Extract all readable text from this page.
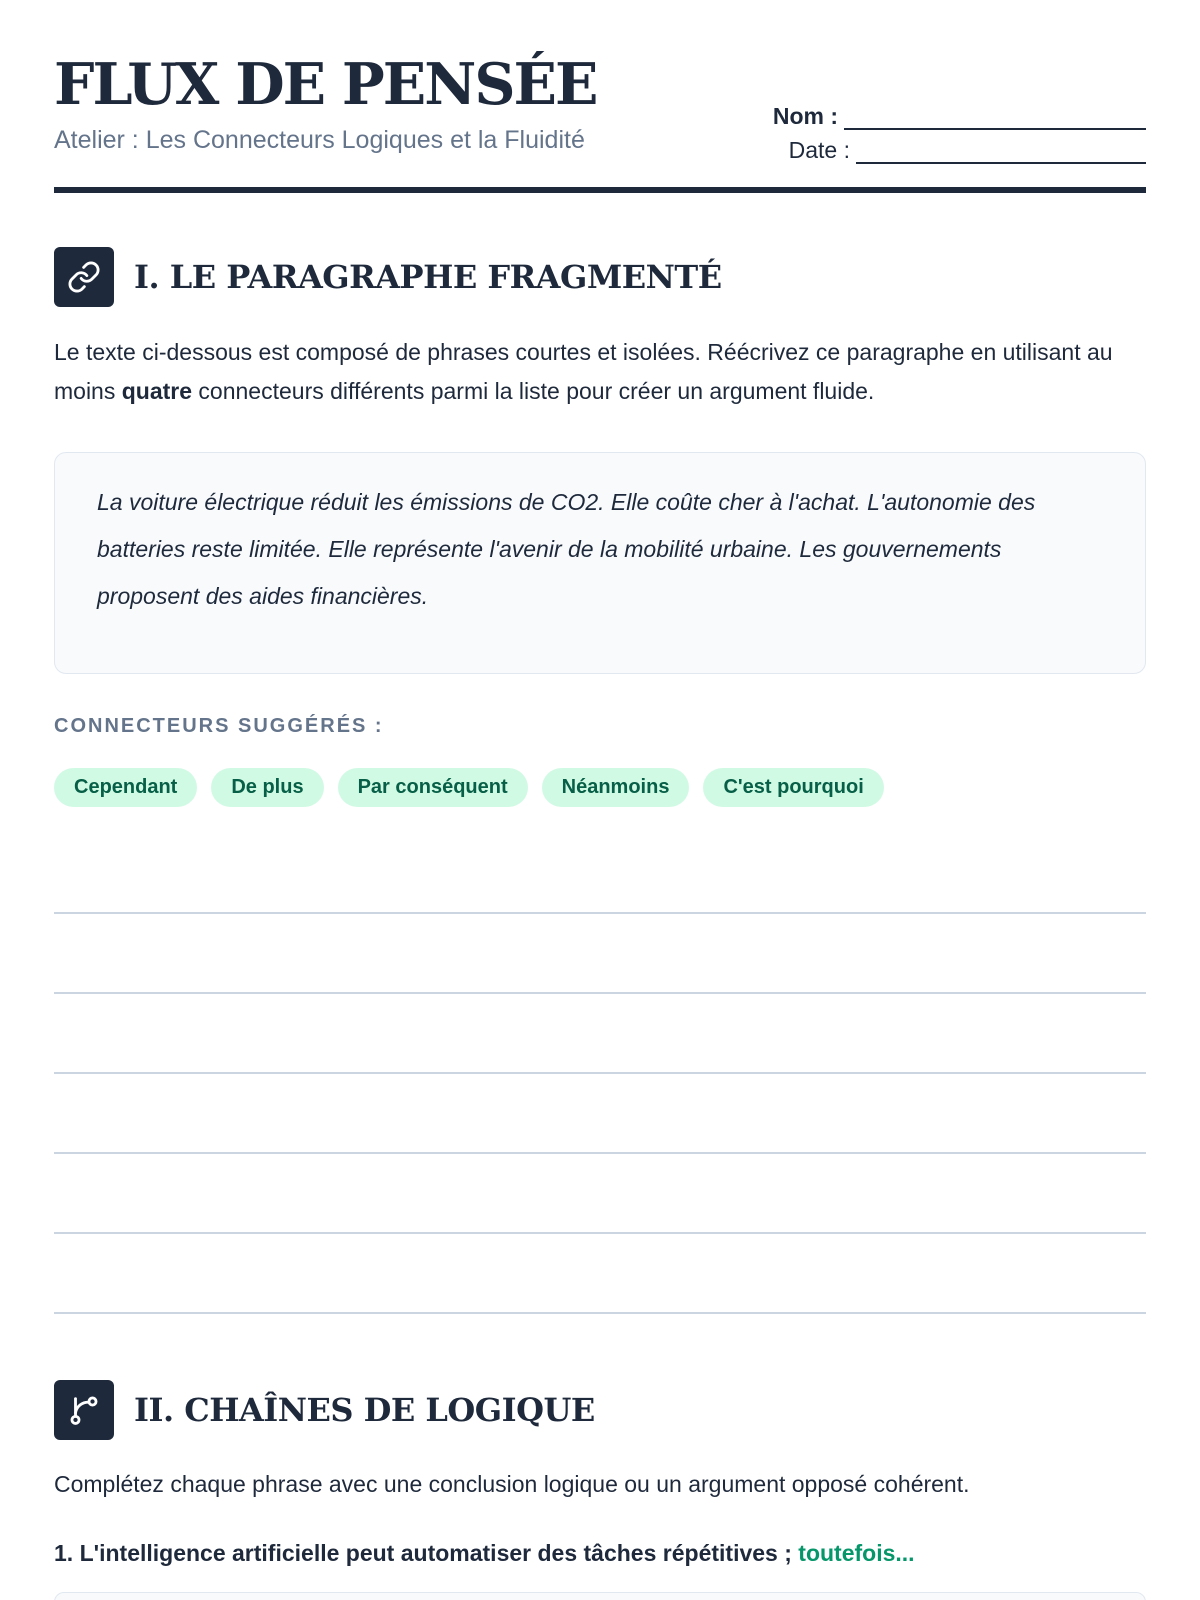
FLUX DE PENSÉE
Atelier : Les Connecteurs Logiques et la Fluidité
Nom :
Date :
I. LE PARAGRAPHE FRAGMENTÉ
Le texte ci-dessous est composé de phrases courtes et isolées. Réécrivez ce paragraphe en utilisant au moins quatre connecteurs différents parmi la liste pour créer un argument fluide.
La voiture électrique réduit les émissions de CO2. Elle coûte cher à l'achat. L'autonomie des batteries reste limitée. Elle représente l'avenir de la mobilité urbaine. Les gouvernements proposent des aides financières.
CONNECTEURS SUGGÉRÉS :
Cependant	De plus	Par conséquent	Néanmoins	C'est pourquoi
II. CHAÎNES DE LOGIQUE
Complétez chaque phrase avec une conclusion logique ou un argument opposé cohérent.
1. L'intelligence artificielle peut automatiser des tâches répétitives ; toutefois...
